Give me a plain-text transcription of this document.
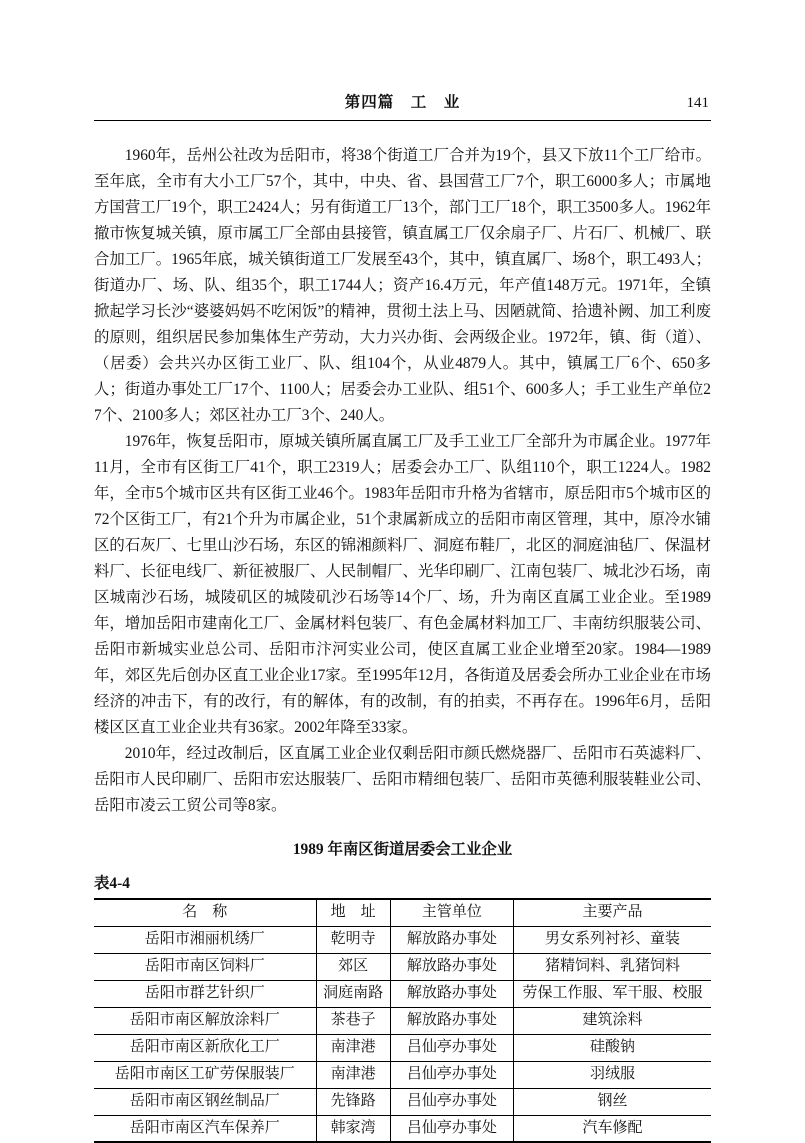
第四篇　工　业	141

1960年，岳州公社改为岳阳市，将38个街道工厂合并为19个，县又下放11个工厂给市。至年底，全市有大小工厂57个，其中，中央、省、县国营工厂7个，职工6000多人；市属地方国营工厂19个，职工2424人；另有街道工厂13个，部门工厂18个，职工3500多人。1962年撤市恢复城关镇，原市属工厂全部由县接管，镇直属工厂仅余扇子厂、片石厂、机械厂、联合加工厂。1965年底，城关镇街道工厂发展至43个，其中，镇直属厂、场8个，职工493人；街道办厂、场、队、组35个，职工1744人；资产16.4万元，年产值148万元。1971年，全镇掀起学习长沙“婆婆妈妈不吃闲饭”的精神，贯彻土法上马、因陋就简、拾遗补阙、加工利废的原则，组织居民参加集体生产劳动，大力兴办街、会两级企业。1972年，镇、街（道）、（居委）会共兴办区街工业厂、队、组104个，从业4879人。其中，镇属工厂6个、650多人；街道办事处工厂17个、1100人；居委会办工业队、组51个、600多人；手工业生产单位27个、2100多人；郊区社办工厂3个、240人。

1976年，恢复岳阳市，原城关镇所属直属工厂及手工业工厂全部升为市属企业。1977年11月，全市有区街工厂41个，职工2319人；居委会办工厂、队组110个，职工1224人。1982年，全市5个城市区共有区街工业46个。1983年岳阳市升格为省辖市，原岳阳市5个城市区的72个区街工厂，有21个升为市属企业，51个隶属新成立的岳阳市南区管理，其中，原冷水铺区的石灰厂、七里山沙石场，东区的锦湘颜料厂、洞庭布鞋厂，北区的洞庭油毡厂、保温材料厂、长征电线厂、新征被服厂、人民制帽厂、光华印刷厂、江南包装厂、城北沙石场，南区城南沙石场，城陵矶区的城陵矶沙石场等14个厂、场，升为南区直属工业企业。至1989年，增加岳阳市建南化工厂、金属材料包装厂、有色金属材料加工厂、丰南纺织服装公司、岳阳市新城实业总公司、岳阳市汴河实业公司，使区直属工业企业增至20家。1984—1989年，郊区先后创办区直工业企业17家。至1995年12月，各街道及居委会所办工业企业在市场经济的冲击下，有的改行，有的解体，有的改制，有的拍卖，不再存在。1996年6月，岳阳楼区区直工业企业共有36家。2002年降至33家。

2010年，经过改制后，区直属工业企业仅剩岳阳市颜氏燃烧器厂、岳阳市石英滤料厂、岳阳市人民印刷厂、岳阳市宏达服装厂、岳阳市精细包装厂、岳阳市英德利服装鞋业公司、岳阳市凌云工贸公司等8家。

1989 年南区街道居委会工业企业
表4-4
名　称	地　址	主管单位	主要产品
岳阳市湘丽机绣厂	乾明寺	解放路办事处	男女系列衬衫、童装
岳阳市南区饲料厂	郊区	解放路办事处	猪精饲料、乳猪饲料
岳阳市群艺针织厂	洞庭南路	解放路办事处	劳保工作服、军干服、校服
岳阳市南区解放涂料厂	茶巷子	解放路办事处	建筑涂料
岳阳市南区新欣化工厂	南津港	吕仙亭办事处	硅酸钠
岳阳市南区工矿劳保服装厂	南津港	吕仙亭办事处	羽绒服
岳阳市南区钢丝制品厂	先锋路	吕仙亭办事处	钢丝
岳阳市南区汽车保养厂	韩家湾	吕仙亭办事处	汽车修配
